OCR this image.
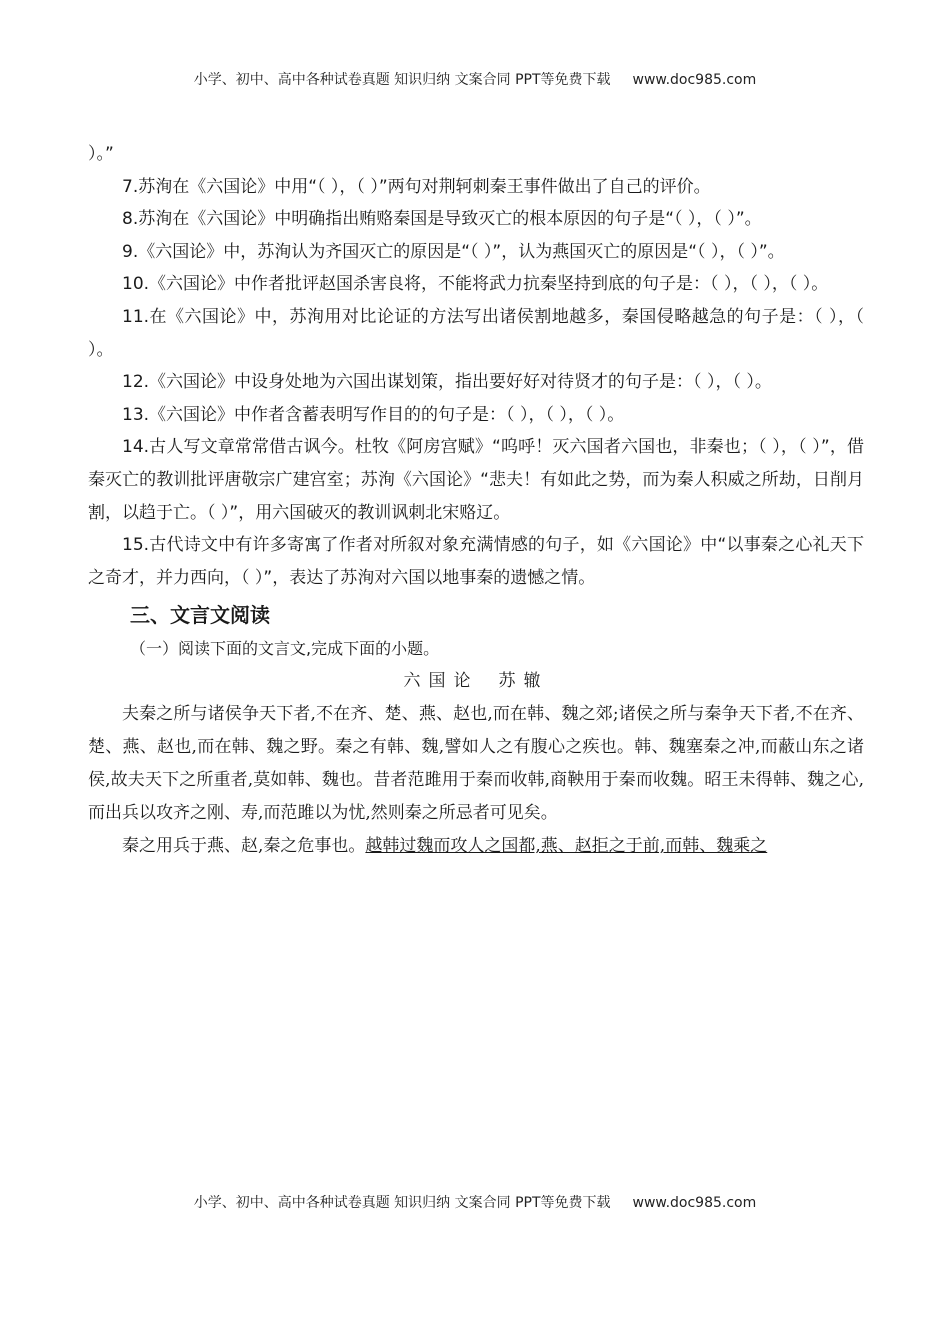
小学、初中、高中各种试卷真题 知识归纳 文案合同 PPT等免费下载 www.doc985.com

）。”

7.苏洵在《六国论》中用“（ ），（ ）”两句对荆轲刺秦王事件做出了自己的评价。

8.苏洵在《六国论》中明确指出贿赂秦国是导致灭亡的根本原因的句子是“（ ），（ ）”。

9.《六国论》中，苏洵认为齐国灭亡的原因是“（ ）”，认为燕国灭亡的原因是“（ ），（ ）”。

10.《六国论》中作者批评赵国杀害良将，不能将武力抗秦坚持到底的句子是：（ ），（ ），（ ）。

11.在《六国论》中，苏洵用对比论证的方法写出诸侯割地越多，秦国侵略越急的句子是：（ ），（ ）。

12.《六国论》中设身处地为六国出谋划策，指出要好好对待贤才的句子是：（ ），（ ）。

13.《六国论》中作者含蓄表明写作目的的句子是：（ ），（ ），（ ）。

14.古人写文章常常借古讽今。杜牧《阿房宫赋》“呜呼！灭六国者六国也，非秦也；（ ），（ ）”，借秦灭亡的教训批评唐敬宗广建宫室；苏洵《六国论》“悲夫！有如此之势，而为秦人积威之所劫，日削月割，以趋于亡。（ ）”，用六国破灭的教训讽刺北宋赂辽。

15.古代诗文中有许多寄寓了作者对所叙对象充满情感的句子，如《六国论》中“以事秦之心礼天下之奇才，并力西向，（ ）”，表达了苏洵对六国以地事秦的遗憾之情。

三、文言文阅读
（一）阅读下面的文言文,完成下面的小题。
六国论 苏辙

夫秦之所与诸侯争天下者,不在齐、楚、燕、赵也,而在韩、魏之郊;诸侯之所与秦争天下者,不在齐、楚、燕、赵也,而在韩、魏之野。秦之有韩、魏,譬如人之有腹心之疾也。韩、魏塞秦之冲,而蔽山东之诸侯,故夫天下之所重者,莫如韩、魏也。昔者范雎用于秦而收韩,商鞅用于秦而收魏。昭王未得韩、魏之心,而出兵以攻齐之刚、寿,而范雎以为忧,然则秦之所忌者可见矣。

秦之用兵于燕、赵,秦之危事也。越韩过魏而攻人之国都,燕、赵拒之于前,而韩、魏乘之

小学、初中、高中各种试卷真题 知识归纳 文案合同 PPT等免费下载 www.doc985.com
